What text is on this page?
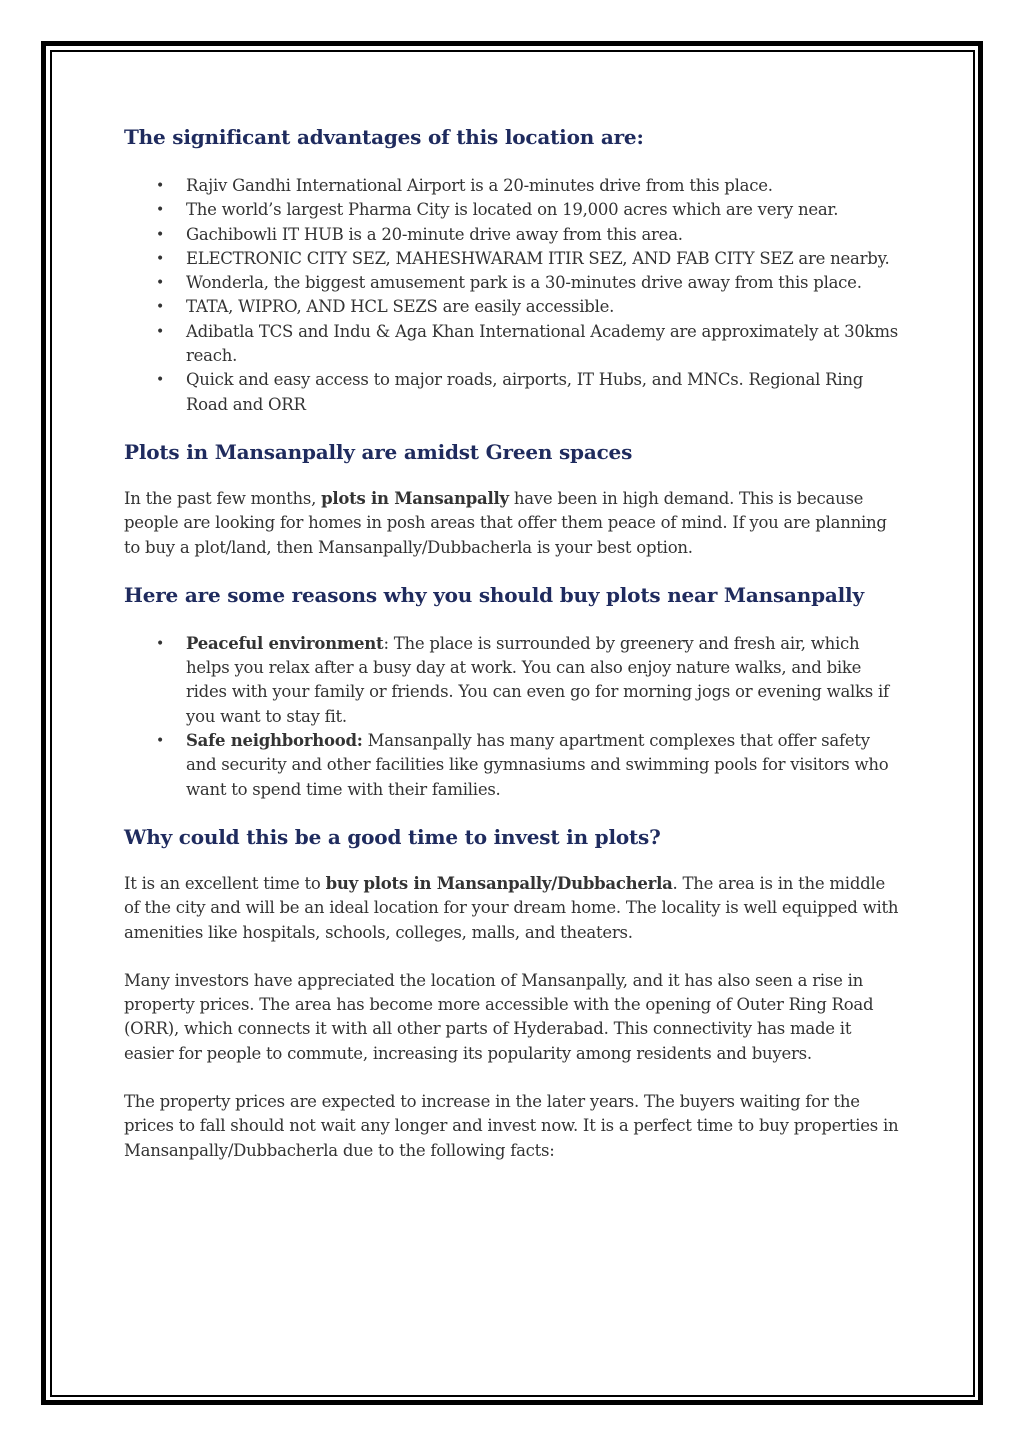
The significant advantages of this location are:
• Rajiv Gandhi International Airport is a 20-minutes drive from this place.
• The world’s largest Pharma City is located on 19,000 acres which are very near.
• Gachibowli IT HUB is a 20-minute drive away from this area.
• ELECTRONIC CITY SEZ, MAHESHWARAM ITIR SEZ, AND FAB CITY SEZ are nearby.
• Wonderla, the biggest amusement park is a 30-minutes drive away from this place.
• TATA, WIPRO, AND HCL SEZS are easily accessible.
• Adibatla TCS and Indu & Aga Khan International Academy are approximately at 30kms reach.
• Quick and easy access to major roads, airports, IT Hubs, and MNCs. Regional Ring Road and ORR
Plots in Mansanpally are amidst Green spaces

In the past few months, plots in Mansanpally have been in high demand. This is because people are looking for homes in posh areas that offer them peace of mind. If you are planning to buy a plot/land, then Mansanpally/Dubbacherla is your best option.

Here are some reasons why you should buy plots near Mansanpally
• Peaceful environment: The place is surrounded by greenery and fresh air, which helps you relax after a busy day at work. You can also enjoy nature walks, and bike rides with your family or friends. You can even go for morning jogs or evening walks if you want to stay fit.
• Safe neighborhood: Mansanpally has many apartment complexes that offer safety and security and other facilities like gymnasiums and swimming pools for visitors who want to spend time with their families.
Why could this be a good time to invest in plots?

It is an excellent time to buy plots in Mansanpally/Dubbacherla. The area is in the middle of the city and will be an ideal location for your dream home. The locality is well equipped with amenities like hospitals, schools, colleges, malls, and theaters.

Many investors have appreciated the location of Mansanpally, and it has also seen a rise in property prices. The area has become more accessible with the opening of Outer Ring Road (ORR), which connects it with all other parts of Hyderabad. This connectivity has made it easier for people to commute, increasing its popularity among residents and buyers.

The property prices are expected to increase in the later years. The buyers waiting for the prices to fall should not wait any longer and invest now. It is a perfect time to buy properties in Mansanpally/Dubbacherla due to the following facts:
